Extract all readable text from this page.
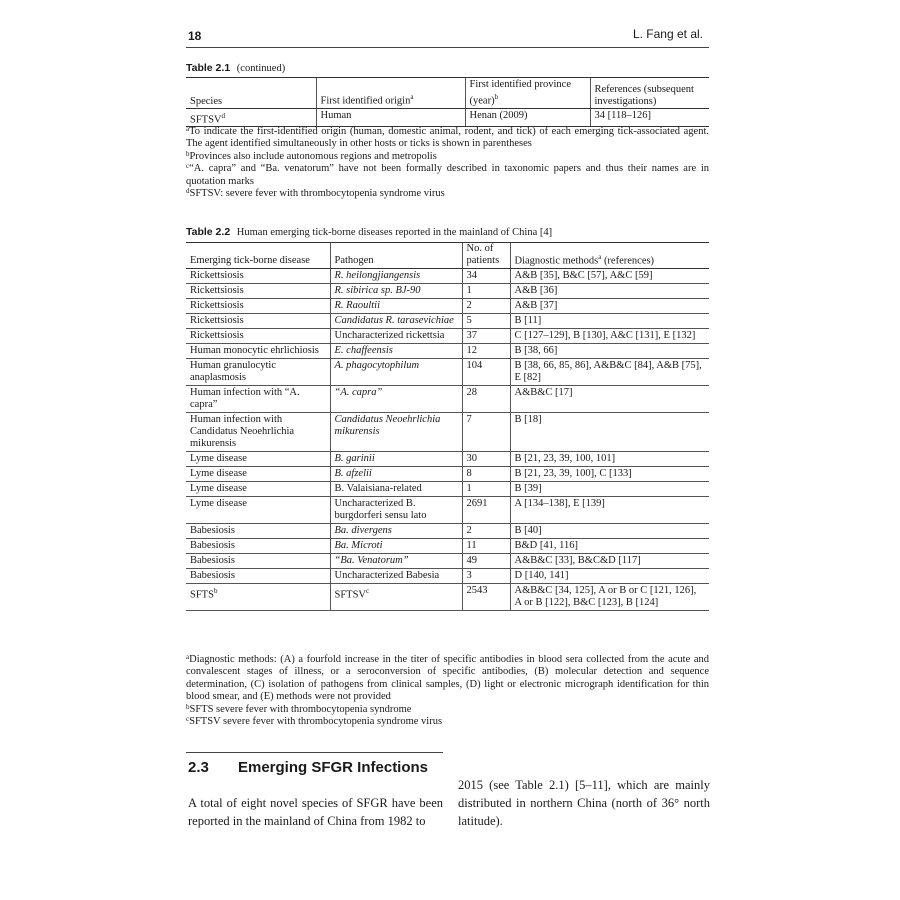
18	L. Fang et al.
Table 2.1 (continued)
Species	First identified origin$^a$	First identified province (year)$^b$	References (subsequent investigations)
SFTSV$^d$	Human	Henan (2009)	34 [118–126]

$^a$To indicate the first-identified origin (human, domestic animal, rodent, and tick) of each emerging tick-associated agent. The agent identified simultaneously in other hosts or ticks is shown in parentheses

$^b$Provinces also include autonomous regions and metropolis

$^c$“A. capra” and “Ba. venatorum” have not been formally described in taxonomic papers and thus their names are in quotation marks

$^d$SFTSV: severe fever with thrombocytopenia syndrome virus

Table 2.2 Human emerging tick-borne diseases reported in the mainland of China [4]
Emerging tick-borne disease	Pathogen	No. of patients	Diagnostic methods$^a$ (references)
Rickettsiosis	R. heilongjiangensis	34	A&B [35], B&C [57], A&C [59]
Rickettsiosis	R. sibirica sp. BJ-90	1	A&B [36]
Rickettsiosis	R. Raoultii	2	A&B [37]
Rickettsiosis	Candidatus R. tarasevichiae	5	B [11]
Rickettsiosis	Uncharacterized rickettsia	37	C [127–129], B [130], A&C [131], E [132]
Human monocytic ehrlichiosis	E. chaffeensis	12	B [38, 66]
Human granulocytic anaplasmosis	A. phagocytophilum	104	B [38, 66, 85, 86], A&B&C [84], A&B [75], E [82]
Human infection with “A. capra”	“A. capra”	28	A&B&C [17]
Human infection with Candidatus Neoehrlichia mikurensis	Candidatus Neoehrlichia mikurensis	7	B [18]
Lyme disease	B. garinii	30	B [21, 23, 39, 100, 101]
Lyme disease	B. afzelii	8	B [21, 23, 39, 100], C [133]
Lyme disease	B. Valaisiana-related	1	B [39]
Lyme disease	Uncharacterized B. burgdorferi sensu lato	2691	A [134–138], E [139]
Babesiosis	Ba. divergens	2	B [40]
Babesiosis	Ba. Microti	11	B&D [41, 116]
Babesiosis	“Ba. Venatorum”	49	A&B&C [33], B&C&D [117]
Babesiosis	Uncharacterized Babesia	3	D [140, 141]
SFTS$^b$	SFTSV$^c$	2543	A&B&C [34, 125], A or B or C [121, 126], A or B [122], B&C [123], B [124]

$^a$Diagnostic methods: (A) a fourfold increase in the titer of specific antibodies in blood sera collected from the acute and convalescent stages of illness, or a seroconversion of specific antibodies, (B) molecular detection and sequence determination, (C) isolation of pathogens from clinical samples, (D) light or electronic micrograph identification for thin blood smear, and (E) methods were not provided

$^b$SFTS severe fever with thrombocytopenia syndrome

$^c$SFTSV severe fever with thrombocytopenia syndrome virus

2.3 Emerging SFGR Infections

A total of eight novel species of SFGR have been reported in the mainland of China from 1982 to

2015 (see Table 2.1) [5–11], which are mainly distributed in northern China (north of 36° north latitude).
